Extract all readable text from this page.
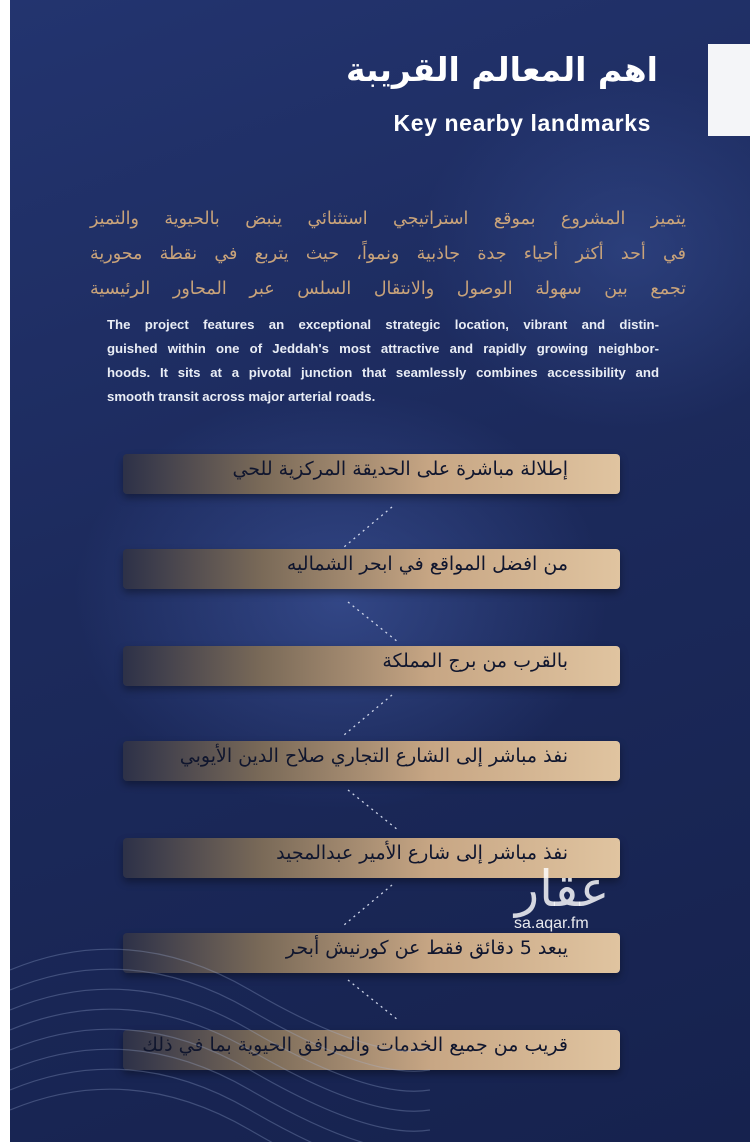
اهم المعالم القريبة
Key nearby landmarks
يتميز المشروع بموقع استراتيجي استثنائي ينبض بالحيوية والتميز
في أحد أكثر أحياء جدة جاذبية ونمواً، حيث يتربع في نقطة محورية
تجمع بين سهولة الوصول والانتقال السلس عبر المحاور الرئيسية
The project features an exceptional strategic location, vibrant and distin-
guished within one of Jeddah's most attractive and rapidly growing neighbor-
hoods. It sits at a pivotal junction that seamlessly combines accessibility and
smooth transit across major arterial roads.
إطلالة مباشرة على الحديقة المركزية للحي
من افضل المواقع في ابحر الشماليه
بالقرب من برج المملكة
نفذ مباشر إلى الشارع التجاري صلاح الدين الأيوبي
نفذ مباشر إلى شارع الأمير عبدالمجيد
يبعد 5 دقائق فقط عن كورنيش أبحر
قريب من جميع الخدمات والمرافق الحيوية بما في ذلك
عقار
sa.aqar.fm
